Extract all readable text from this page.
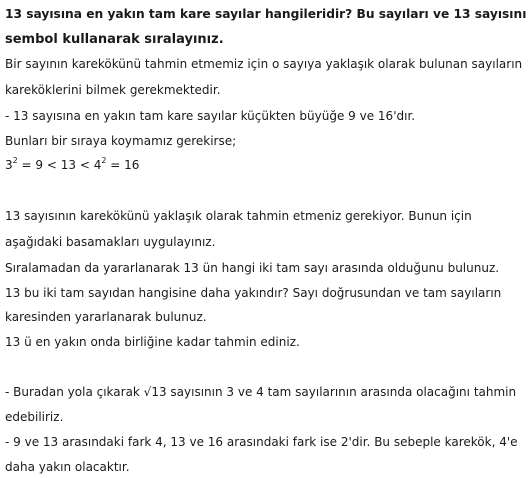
13 sayısına en yakın tam kare sayılar hangileridir? Bu sayıları ve 13 sayısını
sembol kullanarak sıralayınız.
Bir sayının karekökünü tahmin etmemiz için o sayıya yaklaşık olarak bulunan sayıların
kareköklerini bilmek gerekmektedir.
- 13 sayısına en yakın tam kare sayılar küçükten büyüğe 9 ve 16'dır.
Bunları bir sıraya koymamız gerekirse;
$3^2 = 9 < 13 < 4^2 = 16$
13 sayısının karekökünü yaklaşık olarak tahmin etmeniz gerekiyor. Bunun için
aşağıdaki basamakları uygulayınız.
Sıralamadan da yararlanarak 13 ün hangi iki tam sayı arasında olduğunu bulunuz.
13 bu iki tam sayıdan hangisine daha yakındır? Sayı doğrusundan ve tam sayıların
karesinden yararlanarak bulunuz.
13 ü en yakın onda birliğine kadar tahmin ediniz.
- Buradan yola çıkarak √13 sayısının 3 ve 4 tam sayılarının arasında olacağını tahmin
edebiliriz.
- 9 ve 13 arasındaki fark 4, 13 ve 16 arasındaki fark ise 2'dir. Bu sebeple karekök, 4'e
daha yakın olacaktır.
